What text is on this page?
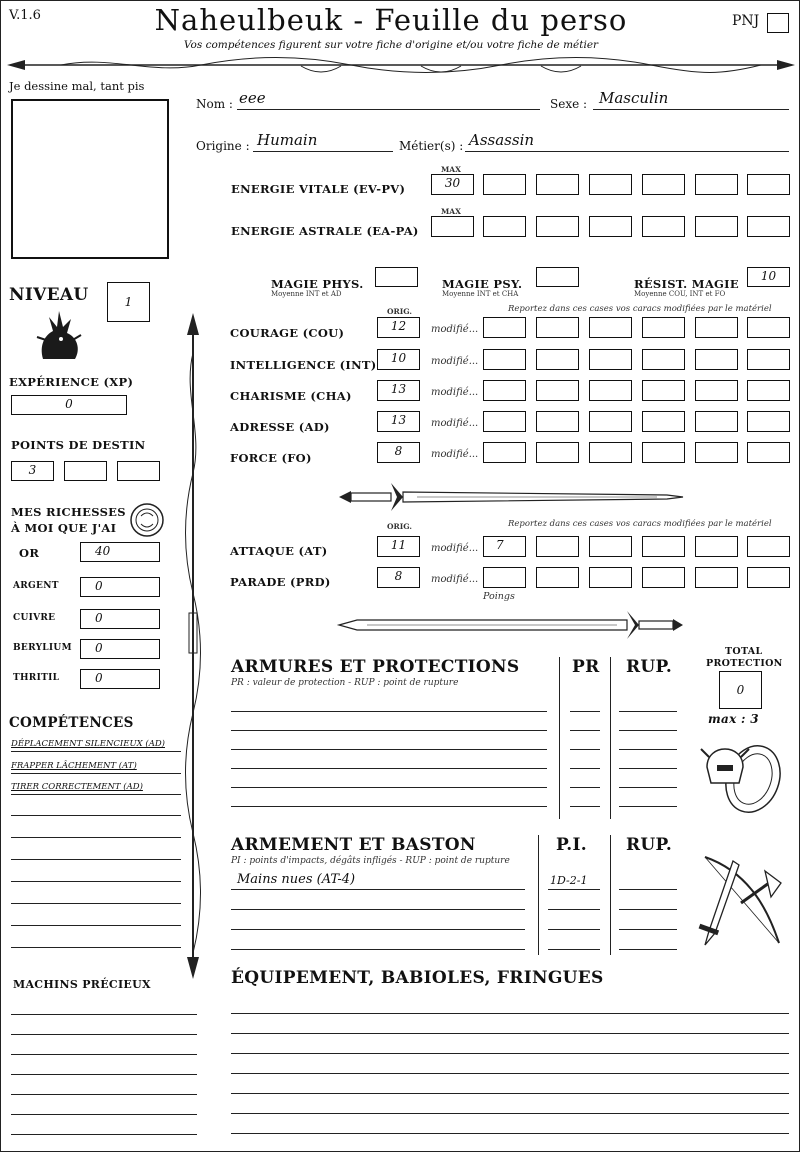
V.1.6	Naheulbeuk - Feuille du perso
Vos compétences figurent sur votre fiche d'origine et/ou votre fiche de métier
PNJ
Je dessine mal, tant pis
Nom : eee	Sexe : Masculin
Origine : Humain	Métier(s) : Assassin
MAX
ENERGIE VITALE (EV-PV)	30
MAX
ENERGIE ASTRALE (EA-PA)
MAGIE PHYS.
Moyenne INT et AD
MAGIE PSY.
Moyenne INT et CHA
RÉSIST. MAGIE
Moyenne COU, INT et FO
10
NIVEAU	1
EXPÉRIENCE (XP)
0
POINTS DE DESTIN
3
MES RICHESSES
À MOI QUE J'AI
COMPÉTENCES
MACHINS PRÉCIEUX
ORIG.	Reportez dans ces cases vos caracs modifiées par le matériel
ORIG.	Reportez dans ces cases vos caracs modifiées par le matériel
Poings
ARMURES ET PROTECTIONS
PR : valeur de protection - RUP : point de rupture
PR RUP.
TOTAL
PROTECTION
0
max : 3
ARMEMENT ET BASTON
PI : points d'impacts, dégâts infligés - RUP : point de rupture
P.I. RUP.
Mains nues (AT-4)	1D-2-1
ÉQUIPEMENT, BABIOLES, FRINGUES
OR	40
ARGENT	0
CUIVRE	0
BERYLIUM	0
THRITIL	0
DÉPLACEMENT SILENCIEUX (AD)
FRAPPER LÂCHEMENT (AT)
TIRER CORRECTEMENT (AD)
COURAGE (COU)	12	modifié...
INTELLIGENCE (INT)	10	modifié...
CHARISME (CHA)	13	modifié...
ADRESSE (AD)	13	modifié...
FORCE (FO)	8	modifié...
ATTAQUE (AT)	11	modifié...	7
PARADE (PRD)	8	modifié...
